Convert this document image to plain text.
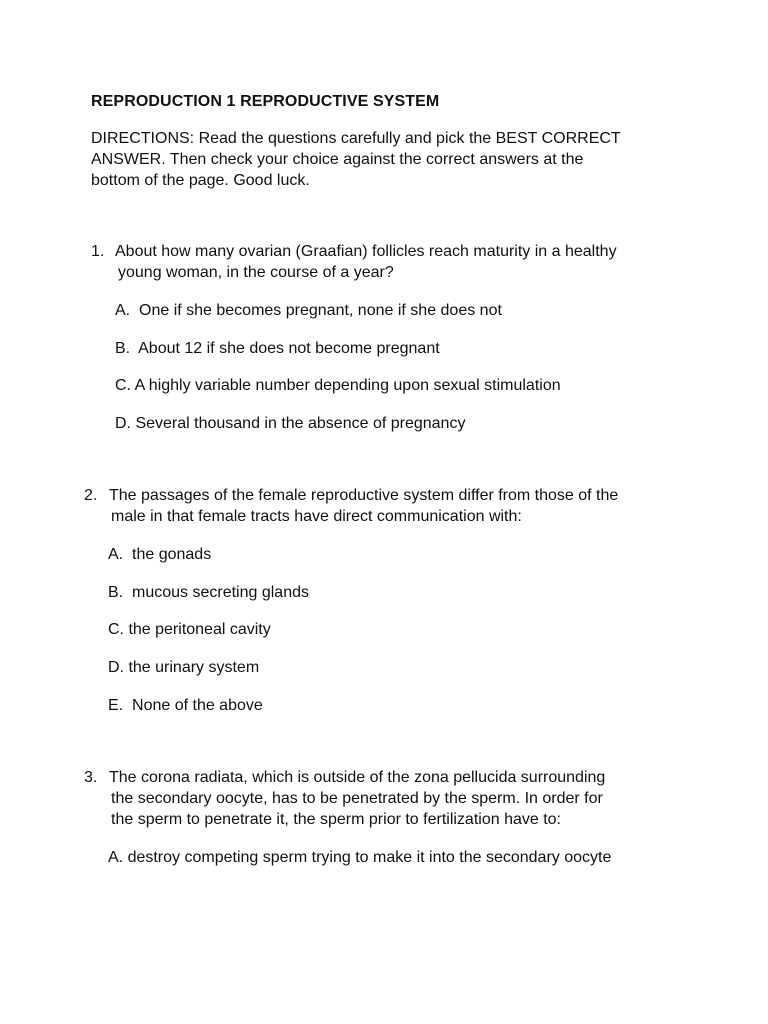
REPRODUCTION 1 REPRODUCTIVE SYSTEM
DIRECTIONS: Read the questions carefully and pick the BEST CORRECT
ANSWER. Then check your choice against the correct answers at the
bottom of the page. Good luck.
1. About how many ovarian (Graafian) follicles reach maturity in a healthy
young woman, in the course of a year?
A.  One if she becomes pregnant, none if she does not
B.  About 12 if she does not become pregnant
C. A highly variable number depending upon sexual stimulation
D. Several thousand in the absence of pregnancy
2. The passages of the female reproductive system differ from those of the
male in that female tracts have direct communication with:
A.  the gonads
B.  mucous secreting glands
C. the peritoneal cavity
D. the urinary system
E.  None of the above
3. The corona radiata, which is outside of the zona pellucida surrounding
the secondary oocyte, has to be penetrated by the sperm. In order for
the sperm to penetrate it, the sperm prior to fertilization have to:
A. destroy competing sperm trying to make it into the secondary oocyte
